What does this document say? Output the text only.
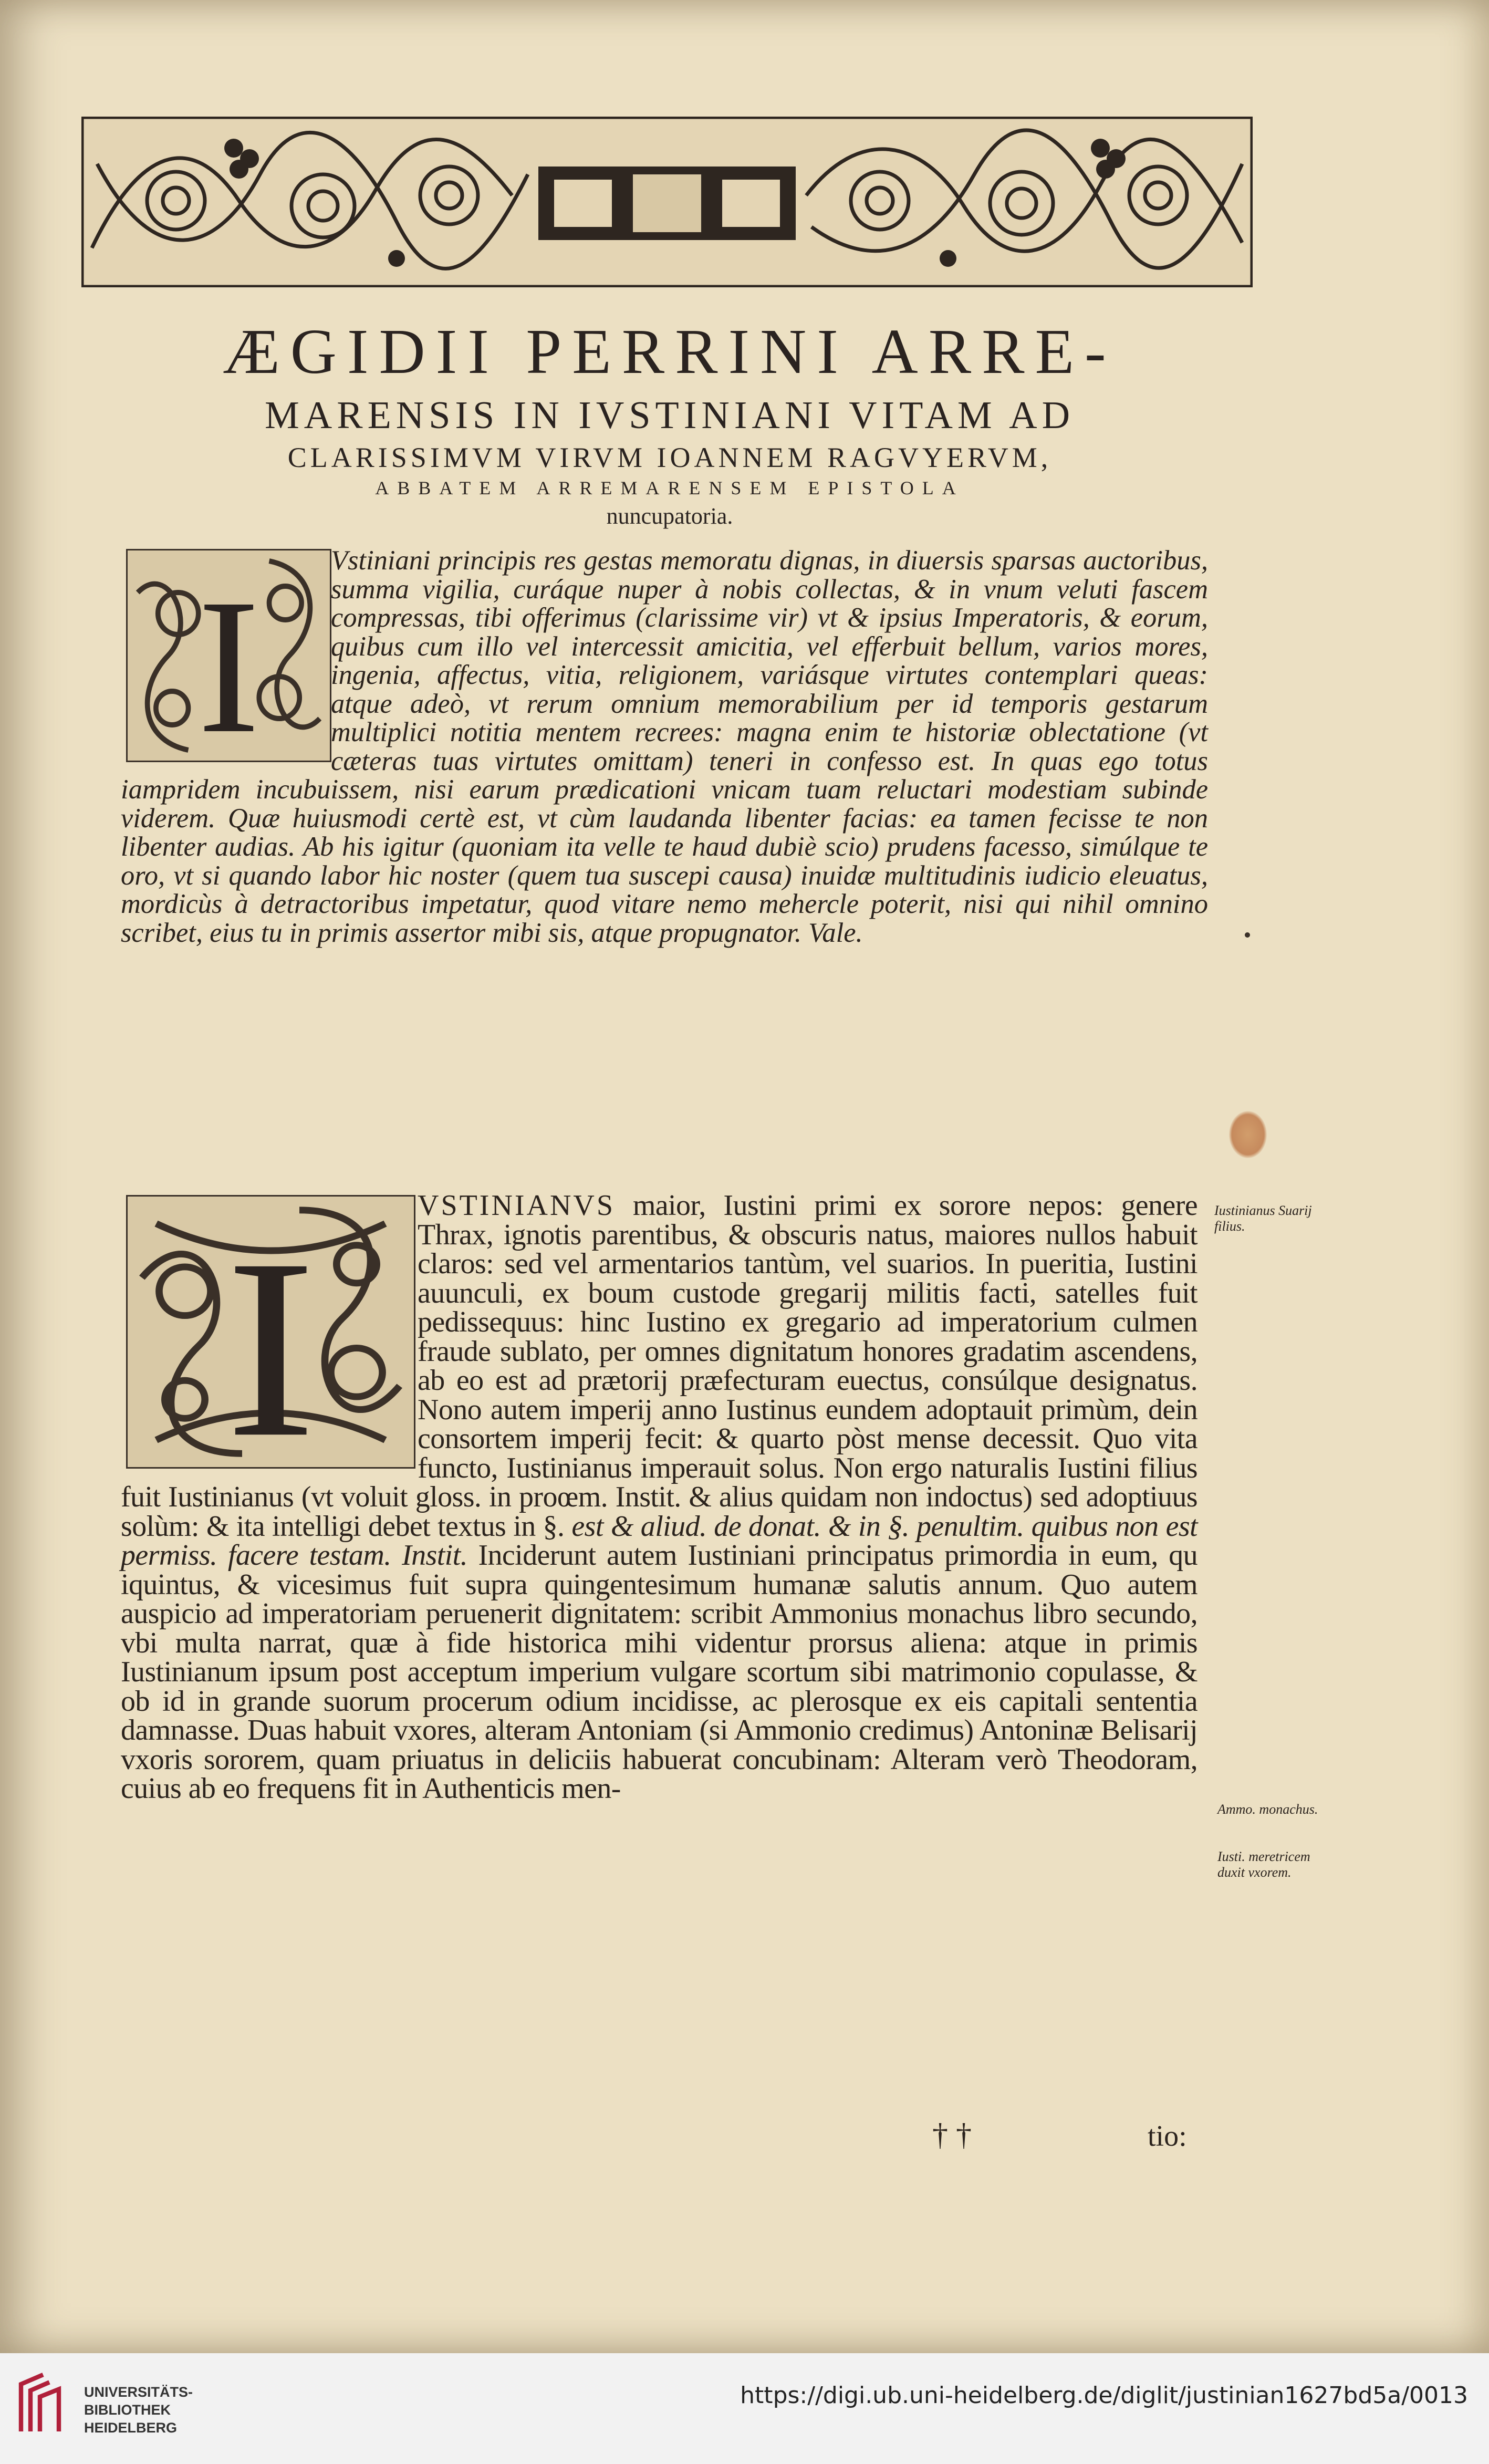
ÆGIDII PERRINI ARRE-
MARENSIS IN IVSTINIANI VITAM AD
CLARISSIMVM VIRVM IOANNEM RAGVYERVM,
ABBATEM ARREMARENSEM EPISTOLA
nuncupatoria.
I	Vstiniani principis res gestas memoratu dignas, in diuersis sparsas auctoribus, summa vigilia, curáque nuper à nobis collectas, & in vnum veluti fascem compressas, tibi offerimus (clarissime vir) vt & ipsius Imperatoris, & eorum, quibus cum illo vel intercessit amicitia, vel efferbuit bellum, varios mores, ingenia, affectus, vitia, religionem, variásque virtutes contemplari queas: atque adeò, vt rerum omnium memorabilium per id temporis gestarum multiplici notitia mentem recrees: magna enim te historiæ oblectatione (vt cæteras tuas virtutes omittam) teneri in confesso est. In quas ego totus iampridem incubuissem, nisi earum prædicationi vnicam tuam reluctari modestiam subinde viderem. Quæ huiusmodi certè est, vt cùm laudanda libenter facias: ea tamen fecisse te non libenter audias. Ab his igitur (quoniam ita velle te haud dubiè scio) prudens facesso, simúlque te oro, vt si quando labor hic noster (quem tua suscepi causa) inuidæ multitudinis iudicio eleuatus, mordicùs à detractoribus impetatur, quod vitare nemo mehercle poterit, nisi qui nihil omnino scribet, eius tu in primis assertor mibi sis, atque propugnator. Vale.

I

VSTINIANVS maior, Iustini primi ex sorore nepos: genere Thrax, ignotis parentibus, & obscuris natus, maiores nullos habuit claros: sed vel armentarios tantùm, vel suarios. In pueritia, Iustini auunculi, ex boum custode gregarij militis facti, satelles fuit pedissequus: hinc Iustino ex gregario ad imperatorium culmen fraude sublato, per omnes dignitatum honores gradatim ascendens, ab eo est ad prætorij præfecturam euectus, consúlque designatus. Nono autem imperij anno Iustinus eundem adoptauit primùm, dein consortem imperij fecit: & quarto pòst mense decessit. Quo vita functo, Iustinianus imperauit solus. Non ergo naturalis Iustini filius fuit Iustinianus (vt voluit gloss. in proœm. Instit. & alius quidam non indoctus) sed adoptiuus solùm: & ita intelligi debet textus in §. est & aliud. de donat. & in §. penultim. quibus non est permiss. facere testam. Instit. Inciderunt autem Iustiniani principatus primordia in eum, qu iquintus, & vicesimus fuit supra quingentesimum humanæ salutis annum. Quo autem auspicio ad imperatoriam peruenerit dignitatem: scribit Ammonius monachus libro secundo, vbi multa narrat, quæ à fide historica mihi videntur prorsus aliena: atque in primis Iustinianum ipsum post acceptum imperium vulgare scortum sibi matrimonio copulasse, & ob id in grande suorum procerum odium incidisse, ac plerosque ex eis capitali sententia damnasse. Duas habuit vxores, alteram Antoniam (si Ammonio credimus) Antoninæ Belisarij vxoris sororem, quam priuatus in deliciis habuerat concubinam: Alteram verò Theodoram, cuius ab eo frequens fit in Authenticis men-

Iustinianus Suarij filius.
Ammo. monachus.
Iusti. meretricem duxit vxorem.
† †	tio:
UNIVERSITÄTS-
BIBLIOTHEK
HEIDELBERG
https://digi.ub.uni-heidelberg.de/diglit/justinian1627bd5a/0013
